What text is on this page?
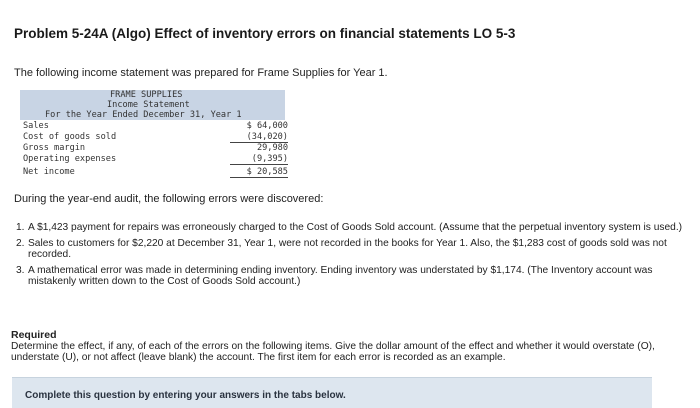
Problem 5-24A (Algo) Effect of inventory errors on financial statements LO 5-3
The following income statement was prepared for Frame Supplies for Year 1.
FRAME SUPPLIES
Income Statement
For the Year Ended December 31, Year 1
Sales	$ 64,000
Cost of goods sold	(34,020)
Gross margin	29,980
Operating expenses	(9,395)
Net income	$ 20,585
During the year-end audit, the following errors were discovered:
1. A $1,423 payment for repairs was erroneously charged to the Cost of Goods Sold account. (Assume that the perpetual inventory system is used.)
2. Sales to customers for $2,220 at December 31, Year 1, were not recorded in the books for Year 1. Also, the $1,283 cost of goods sold was not recorded.
3. A mathematical error was made in determining ending inventory. Ending inventory was understated by $1,174. (The Inventory account was mistakenly written down to the Cost of Goods Sold account.)
Required
Determine the effect, if any, of each of the errors on the following items. Give the dollar amount of the effect and whether it would overstate (O), understate (U), or not affect (leave blank) the account. The first item for each error is recorded as an example.
Complete this question by entering your answers in the tabs below.
